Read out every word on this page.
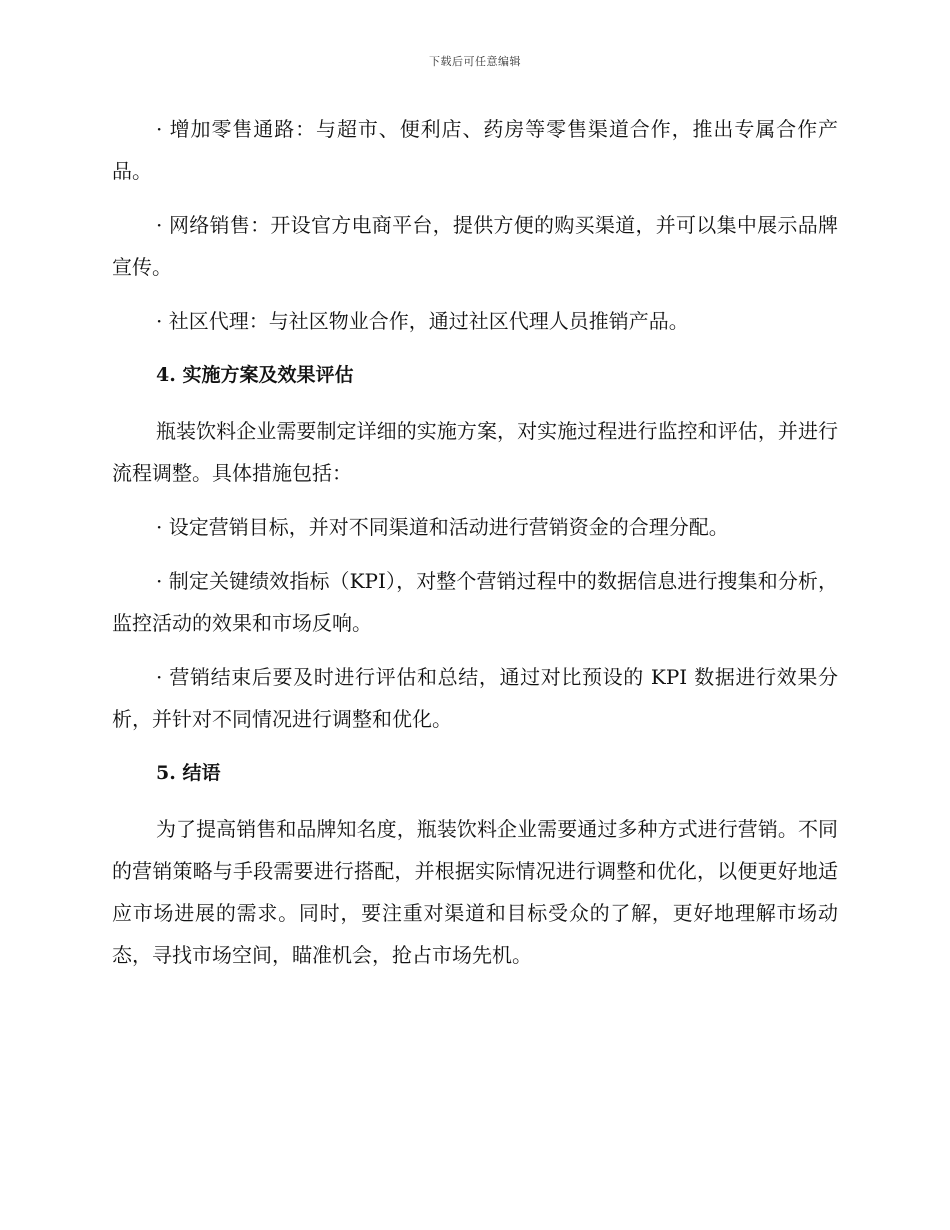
下载后可任意编辑

· 增加零售通路：与超市、便利店、药房等零售渠道合作，推出专属合作产品。

· 网络销售：开设官方电商平台，提供方便的购买渠道，并可以集中展示品牌宣传。

· 社区代理：与社区物业合作，通过社区代理人员推销产品。

4. 实施方案及效果评估

瓶装饮料企业需要制定详细的实施方案，对实施过程进行监控和评估，并进行流程调整。具体措施包括：

· 设定营销目标，并对不同渠道和活动进行营销资金的合理分配。

· 制定关键绩效指标（KPI），对整个营销过程中的数据信息进行搜集和分析，监控活动的效果和市场反响。

· 营销结束后要及时进行评估和总结，通过对比预设的 KPI 数据进行效果分析，并针对不同情况进行调整和优化。

5. 结语

为了提高销售和品牌知名度，瓶装饮料企业需要通过多种方式进行营销。不同的营销策略与手段需要进行搭配，并根据实际情况进行调整和优化，以便更好地适应市场进展的需求。同时，要注重对渠道和目标受众的了解，更好地理解市场动态，寻找市场空间，瞄准机会，抢占市场先机。
